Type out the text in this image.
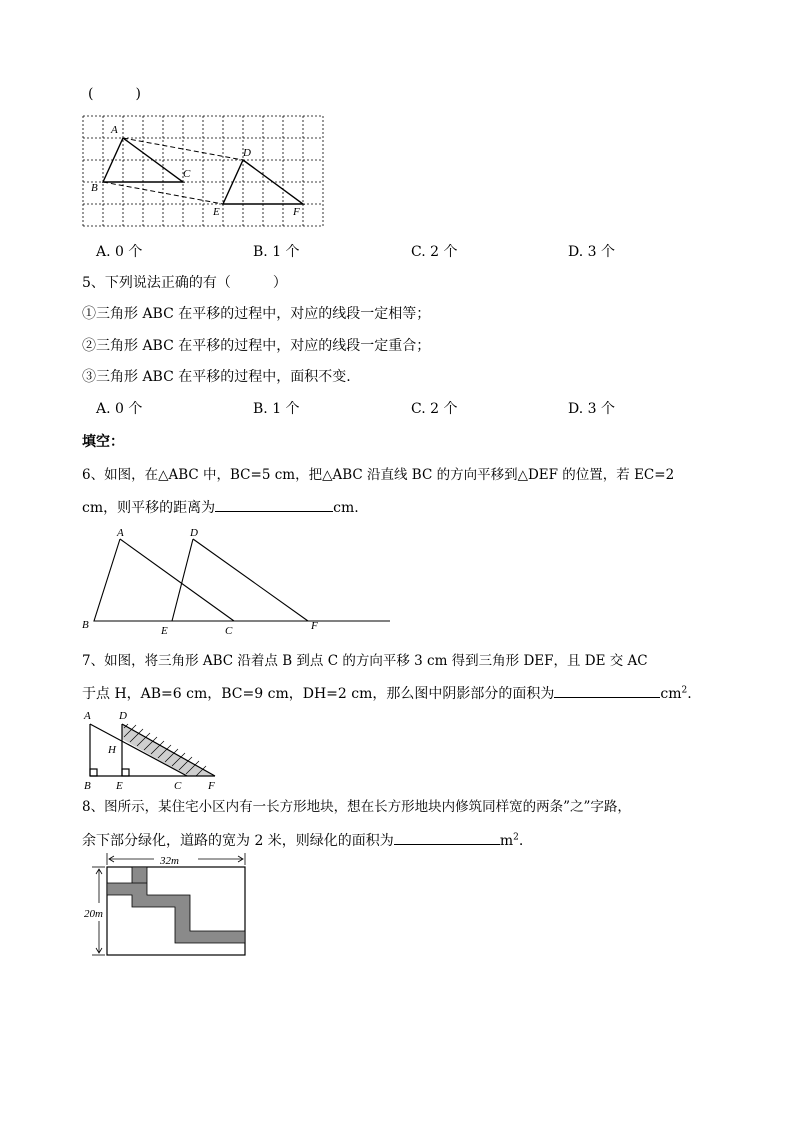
(　　　)
A
B
C
D
E	F
A. 0 个	B. 1 个	C. 2 个	D. 3 个
5、下列说法正确的有（　　　）
①三角形 ABC 在平移的过程中，对应的线段一定相等；
②三角形 ABC 在平移的过程中，对应的线段一定重合；
③三角形 ABC 在平移的过程中，面积不变.
A. 0 个	B. 1 个	C. 2 个	D. 3 个
填空：
6、如图，在△ABC 中，BC=5 cm，把△ABC 沿直线 BC 的方向平移到△DEF 的位置，若 EC=2
cm，则平移的距离为	cm.
A
B	C
D
E	F
7、如图，将三角形 ABC 沿着点 B 到点 C 的方向平移 3 cm 得到三角形 DEF，且 DE 交 AC
于点 H，AB=6 cm，BC=9 cm，DH=2 cm，那么图中阴影部分的面积为	$cm^2$.
A	D
H
B E	C F
8、图所示，某住宅小区内有一长方形地块，想在长方形地块内修筑同样宽的两条”之”字路，
余下部分绿化，道路的宽为 2 米，则绿化的面积为	$m^2$.
32m
20m
